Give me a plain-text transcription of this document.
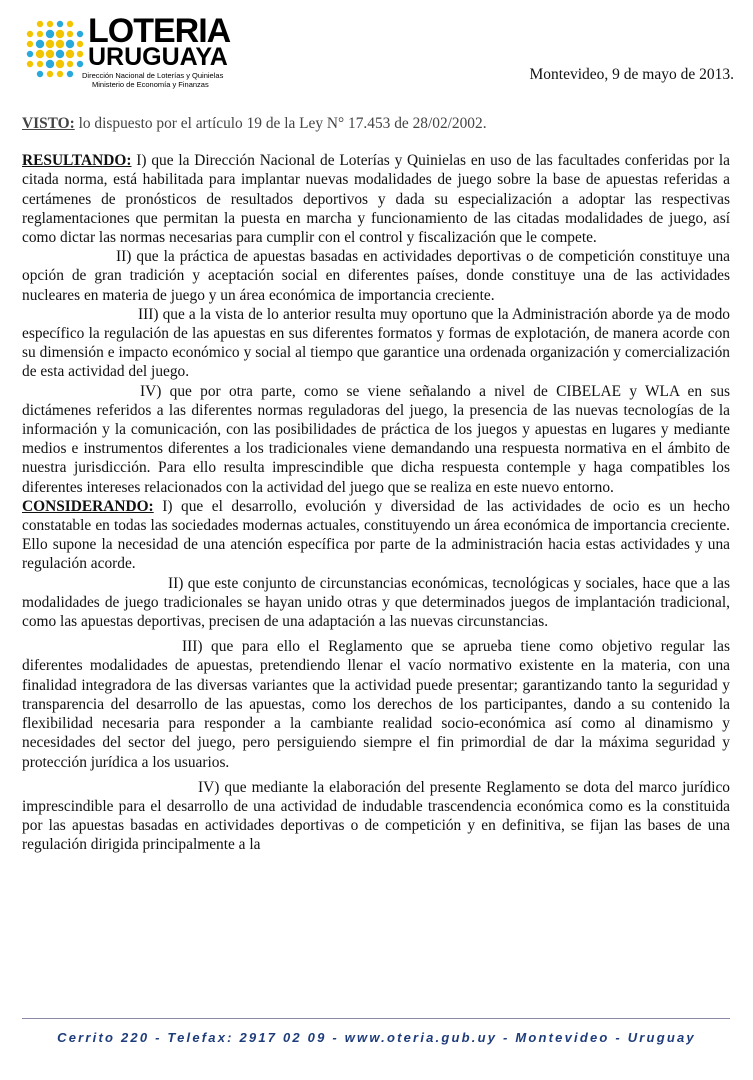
LOTERIA
URUGUAYA
Dirección Nacional de Loterías y Quinielas
Ministerio de Economía y Finanzas
Montevideo, 9 de mayo de 2013.

VISTO: lo dispuesto por el artículo 19 de la Ley N° 17.453 de 28/02/2002.

RESULTANDO: I) que la Dirección Nacional de Loterías y Quinielas en uso de las facultades conferidas por la citada norma, está habilitada para implantar nuevas modalidades de juego sobre la base de apuestas referidas a certámenes de pronósticos de resultados deportivos y dada su especialización a adoptar las respectivas reglamentaciones que permitan la puesta en marcha y funcionamiento de las citadas modalidades de juego, así como dictar las normas necesarias para cumplir con el control y fiscalización que le compete.

II) que la práctica de apuestas basadas en actividades deportivas o de competición constituye una opción de gran tradición y aceptación social en diferentes países, donde constituye una de las actividades nucleares en materia de juego y un área económica de importancia creciente.

III) que a la vista de lo anterior resulta muy oportuno que la Administración aborde ya de modo específico la regulación de las apuestas en sus diferentes formatos y formas de explotación, de manera acorde con su dimensión e impacto económico y social al tiempo que garantice una ordenada organización y comercialización de esta actividad del juego.

IV) que por otra parte, como se viene señalando a nivel de CIBELAE y WLA en sus dictámenes referidos a las diferentes normas reguladoras del juego, la presencia de las nuevas tecnologías de la información y la comunicación, con las posibilidades de práctica de los juegos y apuestas en lugares y mediante medios e instrumentos diferentes a los tradicionales viene demandando una respuesta normativa en el ámbito de nuestra jurisdicción. Para ello resulta imprescindible que dicha respuesta contemple y haga compatibles los diferentes intereses relacionados con la actividad del juego que se realiza en este nuevo entorno.

CONSIDERANDO: I) que el desarrollo, evolución y diversidad de las actividades de ocio es un hecho constatable en todas las sociedades modernas actuales, constituyendo un área económica de importancia creciente. Ello supone la necesidad de una atención específica por parte de la administración hacia estas actividades y una regulación acorde.

II) que este conjunto de circunstancias económicas, tecnológicas y sociales, hace que a las modalidades de juego tradicionales se hayan unido otras y que determinados juegos de implantación tradicional, como las apuestas deportivas, precisen de una adaptación a las nuevas circunstancias.

III) que para ello el Reglamento que se aprueba tiene como objetivo regular las diferentes modalidades de apuestas, pretendiendo llenar el vacío normativo existente en la materia, con una finalidad integradora de las diversas variantes que la actividad puede presentar; garantizando tanto la seguridad y transparencia del desarrollo de las apuestas, como los derechos de los participantes, dando a su contenido la flexibilidad necesaria para responder a la cambiante realidad socio-económica así como al dinamismo y necesidades del sector del juego, pero persiguiendo siempre el fin primordial de dar la máxima seguridad y protección jurídica a los usuarios.

IV) que mediante la elaboración del presente Reglamento se dota del marco jurídico imprescindible para el desarrollo de una actividad de indudable trascendencia económica como es la constituida por las apuestas basadas en actividades deportivas o de competición y en definitiva, se fijan las bases de una regulación dirigida principalmente a la

Cerrito 220 - Telefax: 2917 02 09 - www.oteria.gub.uy - Montevideo - Uruguay
